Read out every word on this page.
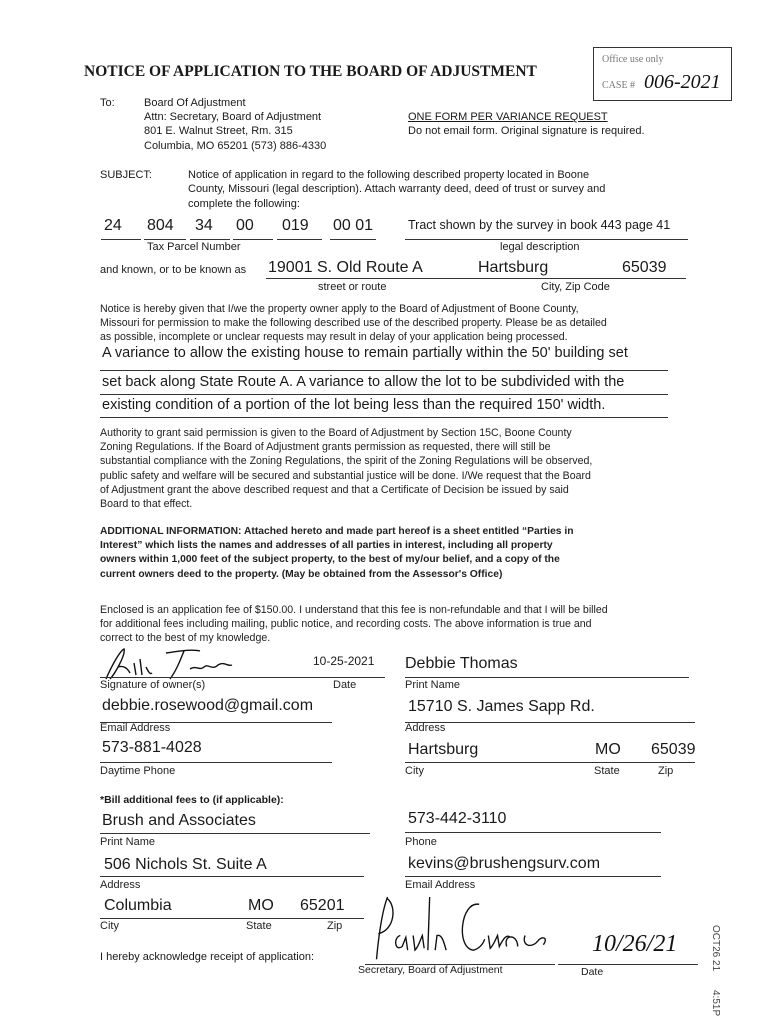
NOTICE OF APPLICATION TO THE BOARD OF ADJUSTMENT
Office use only
CASE # 006-2021
To:	Board Of Adjustment
Attn: Secretary, Board of Adjustment
801 E. Walnut Street, Rm. 315
Columbia, MO 65201 (573) 886-4330
ONE FORM PER VARIANCE REQUEST
Do not email form. Original signature is required.
SUBJECT:	Notice of application in regard to the following described property located in Boone
County, Missouri (legal description). Attach warranty deed, deed of trust or survey and
complete the following:
24 804 34 00 019 00 01
Tax Parcel Number
Tract shown by the survey in book 443 page 41
legal description
and known, or to be known as 19001 S. Old Route A	Hartsburg	65039
street or route	City, Zip Code
Notice is hereby given that I/we the property owner apply to the Board of Adjustment of Boone County,
Missouri for permission to make the following described use of the described property. Please be as detailed
as possible, incomplete or unclear requests may result in delay of your application being processed.
A variance to allow the existing house to remain partially within the 50' building set
set back along State Route A. A variance to allow the lot to be subdivided with the
existing condition of a portion of the lot being less than the required 150' width.
Authority to grant said permission is given to the Board of Adjustment by Section 15C, Boone County
Zoning Regulations. If the Board of Adjustment grants permission as requested, there will still be
substantial compliance with the Zoning Regulations, the spirit of the Zoning Regulations will be observed,
public safety and welfare will be secured and substantial justice will be done. I/We request that the Board
of Adjustment grant the above described request and that a Certificate of Decision be issued by said
Board to that effect.
ADDITIONAL INFORMATION: Attached hereto and made part hereof is a sheet entitled “Parties in
Interest” which lists the names and addresses of all parties in interest, including all property
owners within 1,000 feet of the subject property, to the best of my/our belief, and a copy of the
current owners deed to the property. (May be obtained from the Assessor's Office)
Enclosed is an application fee of $150.00. I understand that this fee is non-refundable and that I will be billed
for additional fees including mailing, public notice, and recording costs. The above information is true and
correct to the best of my knowledge.
Signature of owner(s)
10-25-2021
Date
Debbie Thomas
Print Name
debbie.rosewood@gmail.com
Email Address
15710 S. James Sapp Rd.
Address
573-881-4028
Daytime Phone
Hartsburg	MO 65039
City	State	Zip
*Bill additional fees to (if applicable):
Brush and Associates
Print Name
573-442-3110
Phone
506 Nichols St. Suite A
Address
kevins@brushengsurv.com
Email Address
Columbia	MO 65201
City	State	Zip
I hereby acknowledge receipt of application:
Secretary, Board of Adjustment
10/26/21
Date
OCT26 21
4:51P
